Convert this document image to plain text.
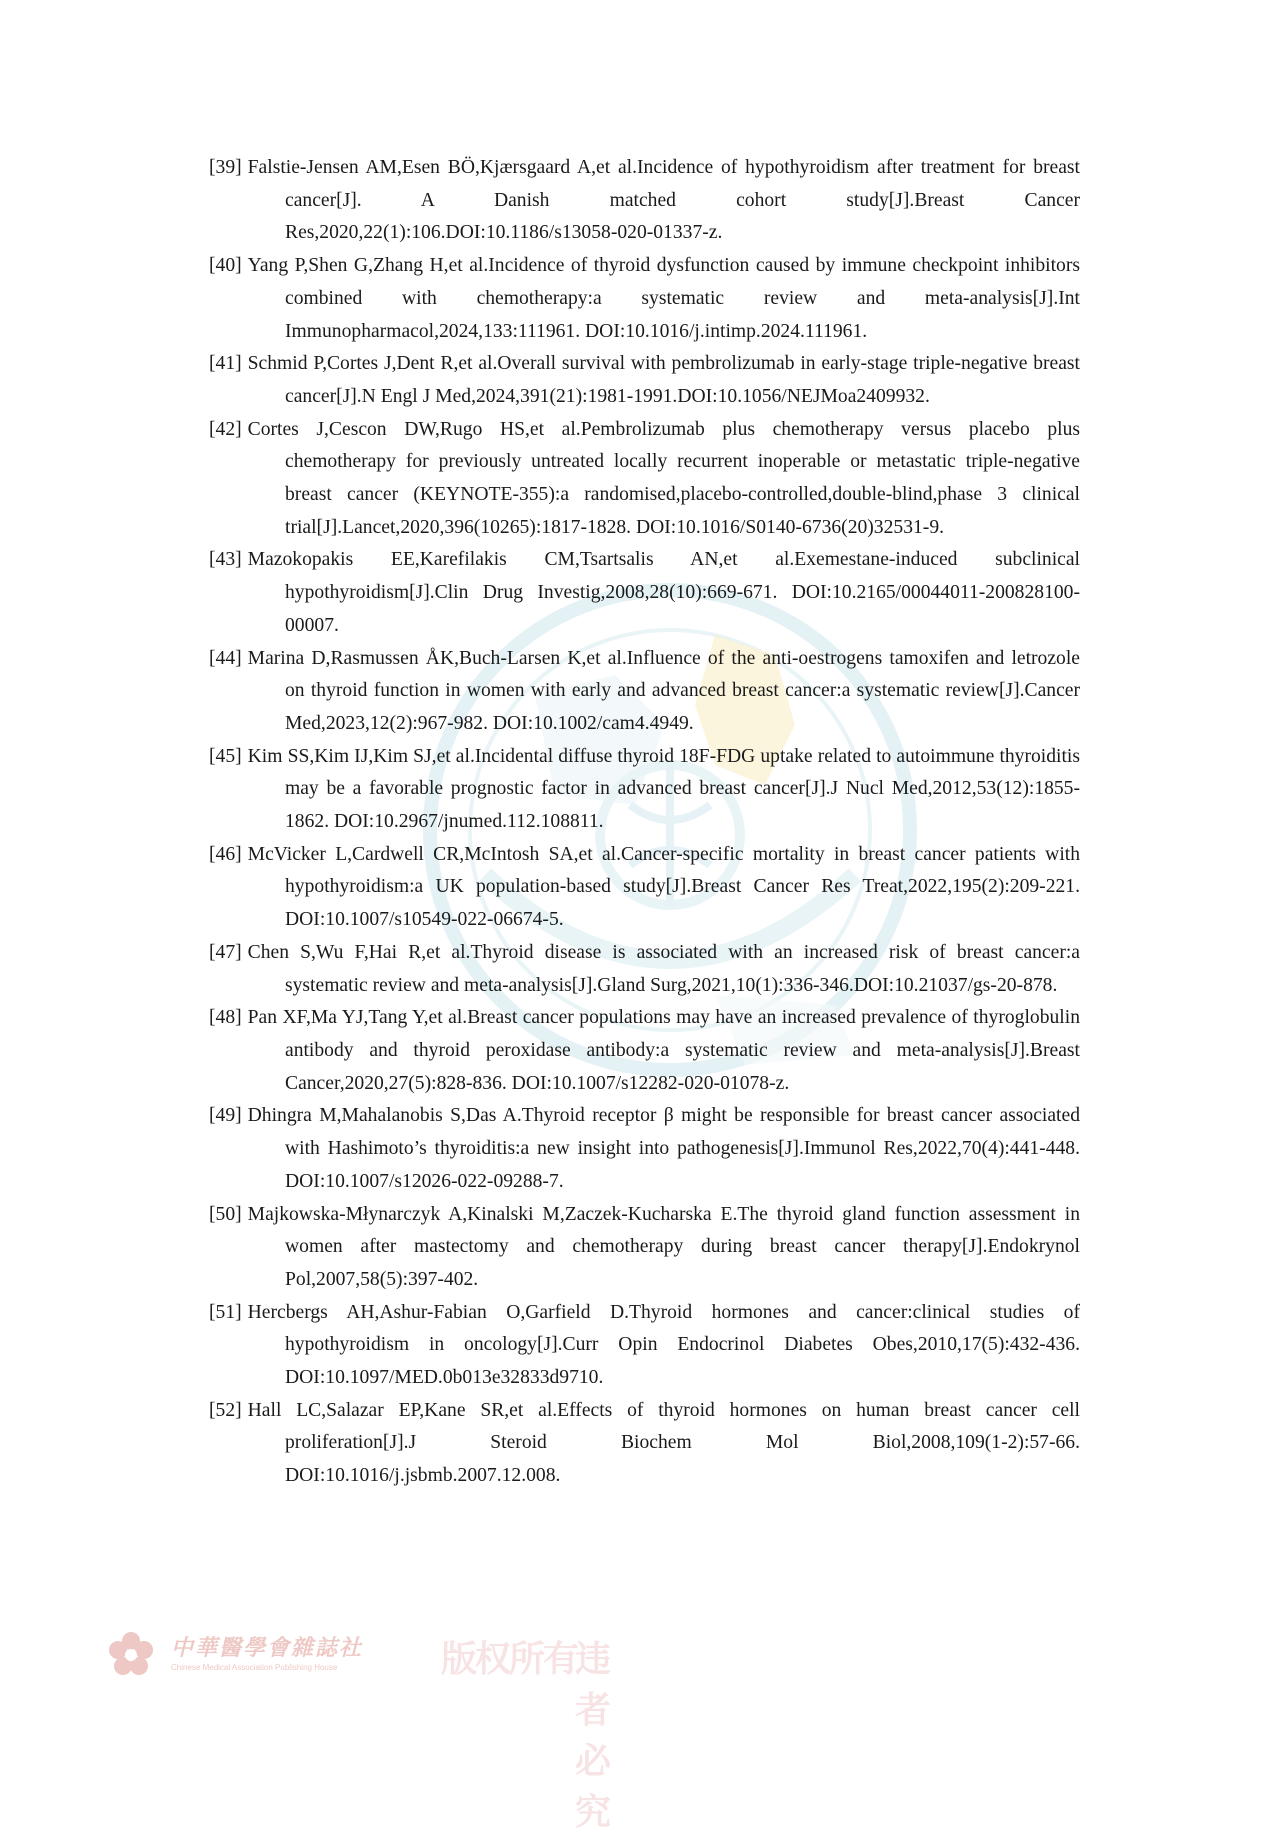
[39] Falstie-Jensen AM,Esen BÖ,Kjærsgaard A,et al.Incidence of hypothyroidism after treatment for breast cancer[J]. A Danish matched cohort study[J].Breast Cancer Res,2020,22(1):106.DOI:10.1186/s13058-020-01337-z.
[40] Yang P,Shen G,Zhang H,et al.Incidence of thyroid dysfunction caused by immune checkpoint inhibitors combined with chemotherapy:a systematic review and meta-analysis[J].Int Immunopharmacol,2024,133:111961. DOI:10.1016/j.intimp.2024.111961.
[41] Schmid P,Cortes J,Dent R,et al.Overall survival with pembrolizumab in early-stage triple-negative breast cancer[J].N Engl J Med,2024,391(21):1981-1991.DOI:10.1056/NEJMoa2409932.
[42] Cortes J,Cescon DW,Rugo HS,et al.Pembrolizumab plus chemotherapy versus placebo plus chemotherapy for previously untreated locally recurrent inoperable or metastatic triple-negative breast cancer (KEYNOTE-355):a randomised,placebo-controlled,double-blind,phase 3 clinical trial[J].Lancet,2020,396(10265):1817-1828. DOI:10.1016/S0140-6736(20)32531-9.
[43] Mazokopakis EE,Karefilakis CM,Tsartsalis AN,et al.Exemestane-induced subclinical hypothyroidism[J].Clin Drug Investig,2008,28(10):669-671. DOI:10.2165/00044011-200828100-00007.
[44] Marina D,Rasmussen ÅK,Buch-Larsen K,et al.Influence of the anti-oestrogens tamoxifen and letrozole on thyroid function in women with early and advanced breast cancer:a systematic review[J].Cancer Med,2023,12(2):967-982. DOI:10.1002/cam4.4949.
[45] Kim SS,Kim IJ,Kim SJ,et al.Incidental diffuse thyroid 18F-FDG uptake related to autoimmune thyroiditis may be a favorable prognostic factor in advanced breast cancer[J].J Nucl Med,2012,53(12):1855-1862. DOI:10.2967/jnumed.112.108811.
[46] McVicker L,Cardwell CR,McIntosh SA,et al.Cancer-specific mortality in breast cancer patients with hypothyroidism:a UK population-based study[J].Breast Cancer Res Treat,2022,195(2):209-221. DOI:10.1007/s10549-022-06674-5.
[47] Chen S,Wu F,Hai R,et al.Thyroid disease is associated with an increased risk of breast cancer:a systematic review and meta-analysis[J].Gland Surg,2021,10(1):336-346.DOI:10.21037/gs-20-878.
[48] Pan XF,Ma YJ,Tang Y,et al.Breast cancer populations may have an increased prevalence of thyroglobulin antibody and thyroid peroxidase antibody:a systematic review and meta-analysis[J].Breast Cancer,2020,27(5):828-836. DOI:10.1007/s12282-020-01078-z.
[49] Dhingra M,Mahalanobis S,Das A.Thyroid receptor β might be responsible for breast cancer associated with Hashimoto’s thyroiditis:a new insight into pathogenesis[J].Immunol Res,2022,70(4):441-448. DOI:10.1007/s12026-022-09288-7.
[50] Majkowska-Młynarczyk A,Kinalski M,Zaczek-Kucharska E.The thyroid gland function assessment in women after mastectomy and chemotherapy during breast cancer therapy[J].Endokrynol Pol,2007,58(5):397-402.
[51] Hercbergs AH,Ashur-Fabian O,Garfield D.Thyroid hormones and cancer:clinical studies of hypothyroidism in oncology[J].Curr Opin Endocrinol Diabetes Obes,2010,17(5):432-436. DOI:10.1097/MED.0b013e32833d9710.
[52] Hall LC,Salazar EP,Kane SR,et al.Effects of thyroid hormones on human breast cancer cell proliferation[J].J Steroid Biochem Mol Biol,2008,109(1-2):57-66. DOI:10.1016/j.jsbmb.2007.12.008.
中華醫學會雜誌社
Chinese Medical Association Publishing House	版权所有
违者必究
